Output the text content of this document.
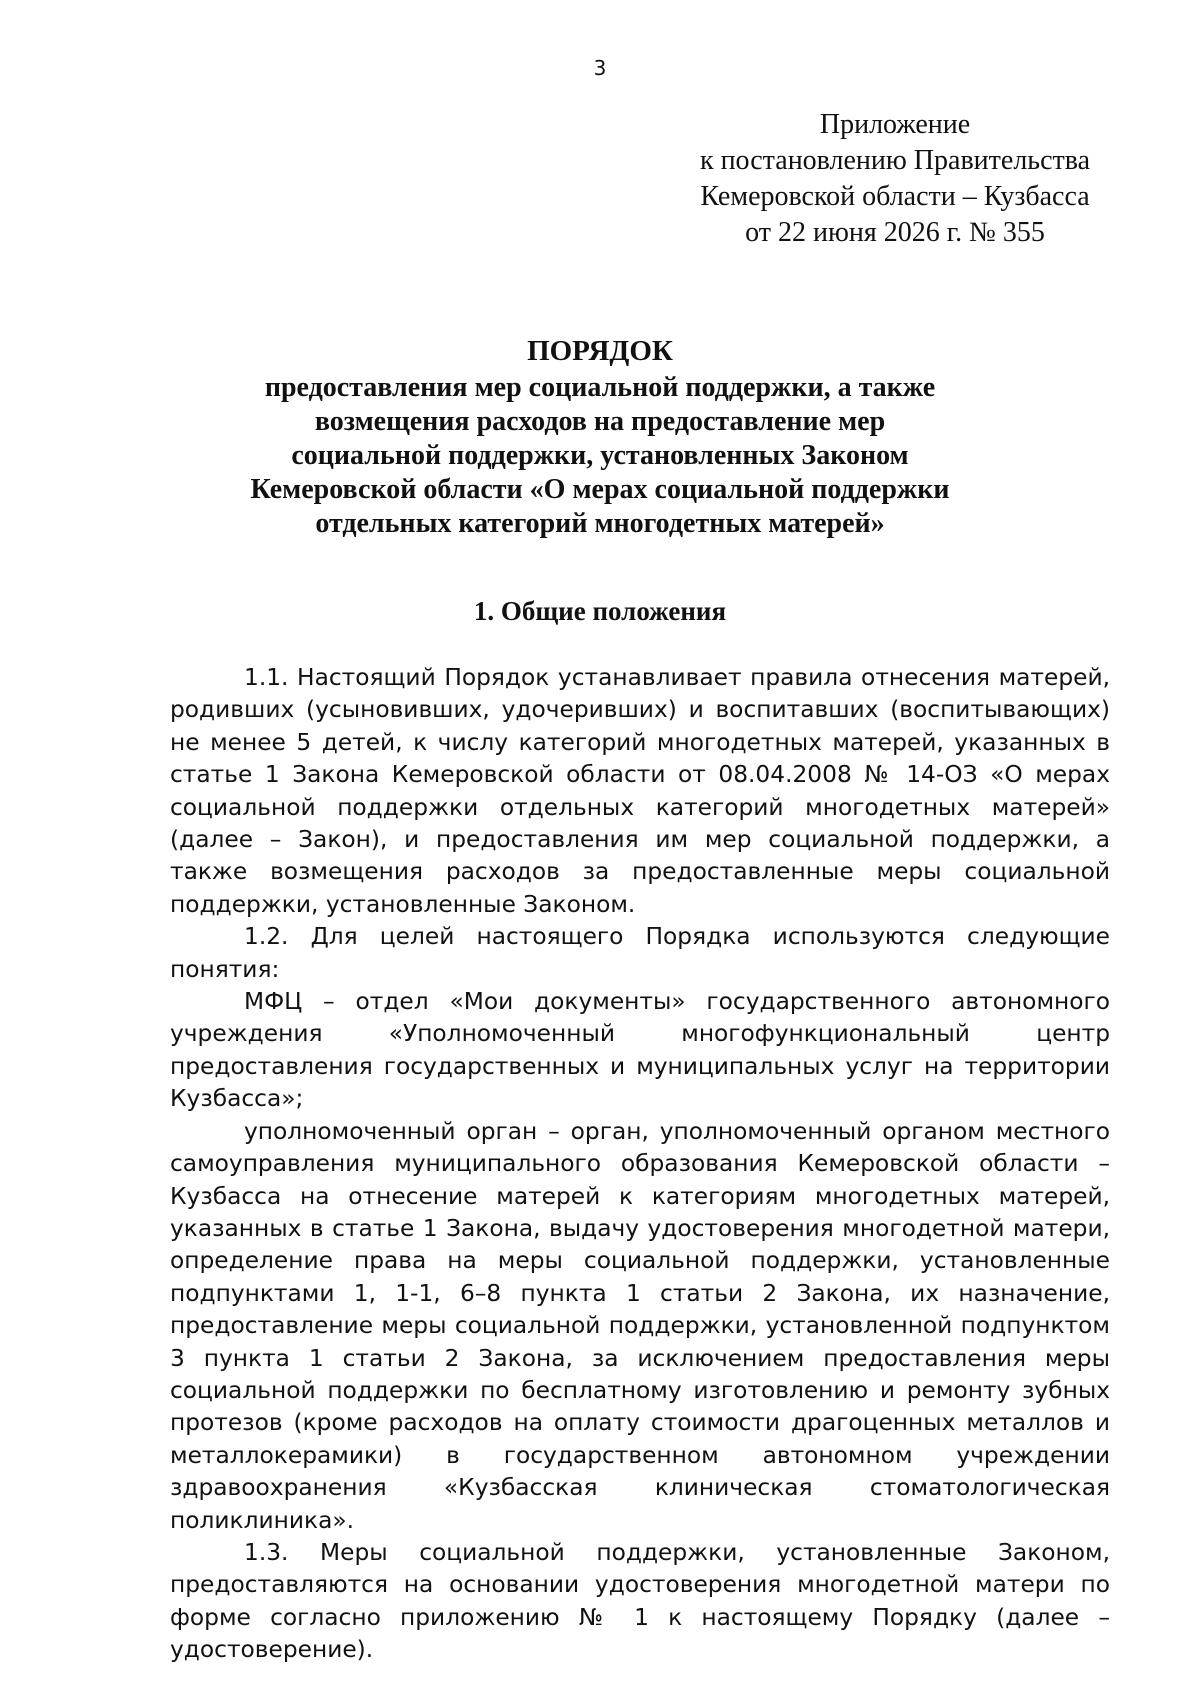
3
Приложение
к постановлению Правительства
Кемеровской области – Кузбасса
от 22 июня 2026 г. № 355
ПОРЯДОК
предоставления мер социальной поддержки, а также
возмещения расходов на предоставление мер
социальной поддержки, установленных Законом
Кемеровской области «О мерах социальной поддержки
отдельных категорий многодетных матерей»
1. Общие положения

1.1. Настоящий Порядок устанавливает правила отнесения матерей, родивших (усыновивших, удочеривших) и воспитавших (воспитывающих) не менее 5 детей, к числу категорий многодетных матерей, указанных в статье 1 Закона Кемеровской области от 08.04.2008 № 14-ОЗ «О мерах социальной поддержки отдельных категорий многодетных матерей» (далее – Закон), и предоставления им мер социальной поддержки, а также возмещения расходов за предоставленные меры социальной поддержки, установленные Законом.

1.2. Для целей настоящего Порядка используются следующие понятия:

МФЦ – отдел «Мои документы» государственного автономного учреждения «Уполномоченный многофункциональный центр предоставления государственных и муниципальных услуг на территории Кузбасса»;

уполномоченный орган – орган, уполномоченный органом местного самоуправления муниципального образования Кемеровской области – Кузбасса на отнесение матерей к категориям многодетных матерей, указанных в статье 1 Закона, выдачу удостоверения многодетной матери, определение права на меры социальной поддержки, установленные подпунктами 1, 1-1, 6–8 пункта 1 статьи 2 Закона, их назначение, предоставление меры социальной поддержки, установленной подпунктом 3 пункта 1 статьи 2 Закона, за исключением предоставления меры социальной поддержки по бесплатному изготовлению и ремонту зубных протезов (кроме расходов на оплату стоимости драгоценных металлов и металлокерамики) в государственном автономном учреждении здравоохранения «Кузбасская клиническая стоматологическая поликлиника».

1.3. Меры социальной поддержки, установленные Законом, предоставляются на основании удостоверения многодетной матери по форме согласно приложению № 1 к настоящему Порядку (далее – удостоверение).
